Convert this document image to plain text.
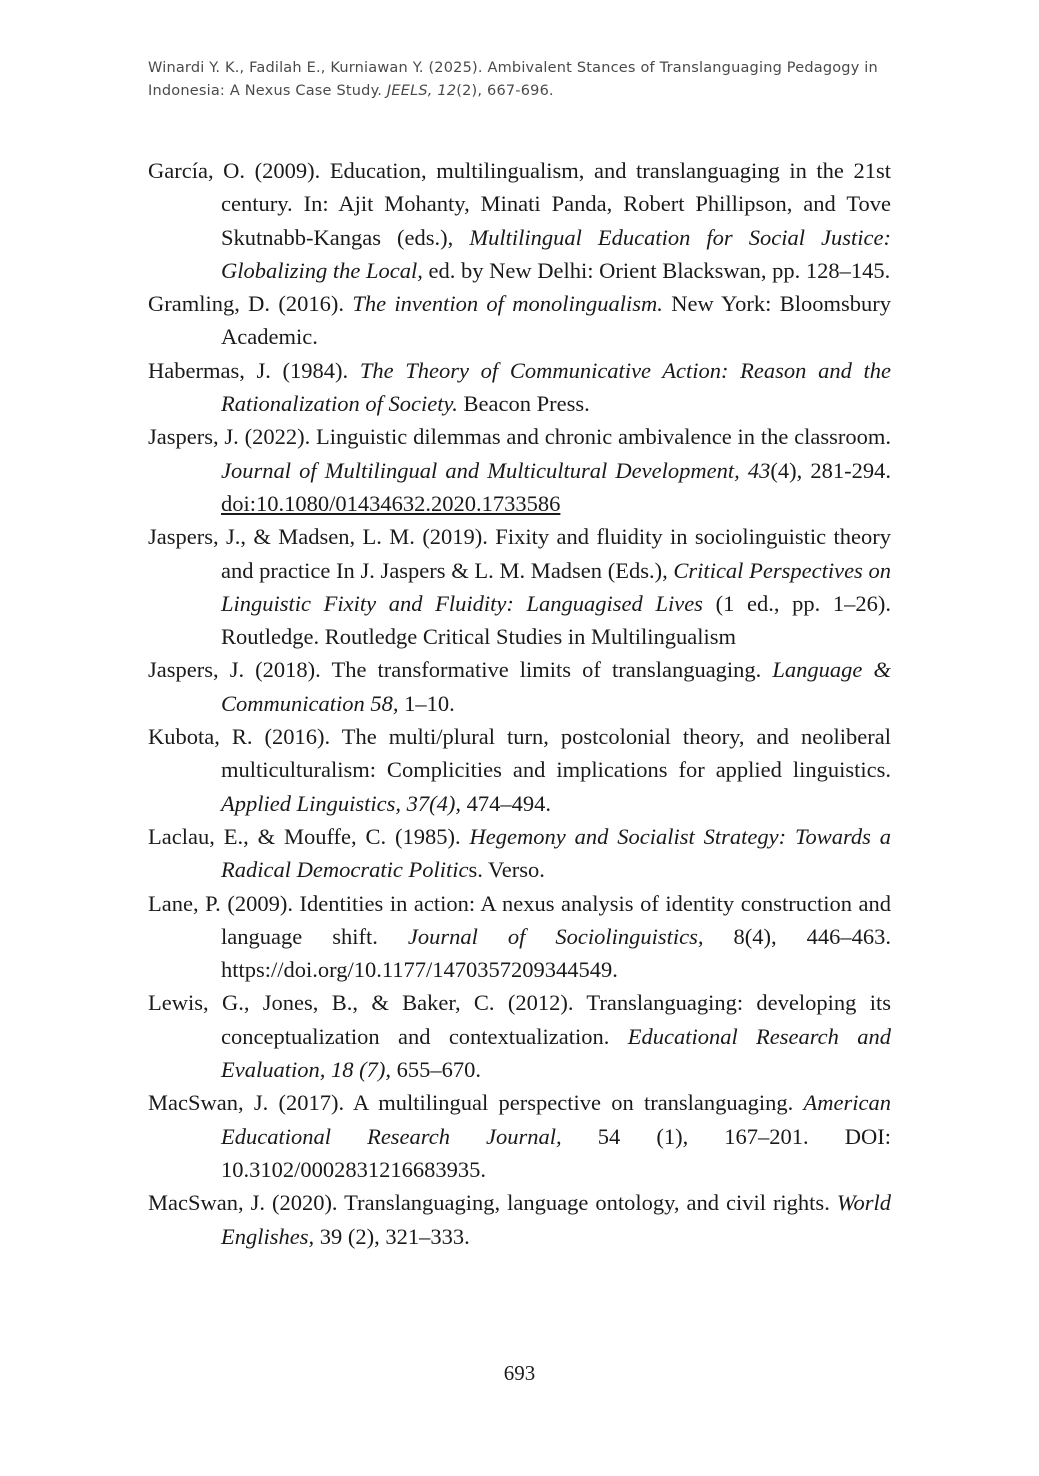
Winardi Y. K., Fadilah E., Kurniawan Y. (2025). Ambivalent Stances of Translanguaging Pedagogy in Indonesia: A Nexus Case Study. JEELS, 12(2), 667-696.

García, O. (2009). Education, multilingualism, and translanguaging in the 21st century. In: Ajit Mohanty, Minati Panda, Robert Phillipson, and Tove Skutnabb-Kangas (eds.), Multilingual Education for Social Justice: Globalizing the Local, ed. by New Delhi: Orient Blackswan, pp. 128–145.

Gramling, D. (2016). The invention of monolingualism. New York: Bloomsbury Academic.

Habermas, J. (1984). The Theory of Communicative Action: Reason and the Rationalization of Society. Beacon Press.

Jaspers, J. (2022). Linguistic dilemmas and chronic ambivalence in the classroom. Journal of Multilingual and Multicultural Development, 43(4), 281-294. doi:10.1080/01434632.2020.1733586

Jaspers, J., & Madsen, L. M. (2019). Fixity and fluidity in sociolinguistic theory and practice In J. Jaspers & L. M. Madsen (Eds.), Critical Perspectives on Linguistic Fixity and Fluidity: Languagised Lives (1 ed., pp. 1–26). Routledge. Routledge Critical Studies in Multilingualism

Jaspers, J. (2018). The transformative limits of translanguaging. Language & Communication 58, 1–10.

Kubota, R. (2016). The multi/plural turn, postcolonial theory, and neoliberal multiculturalism: Complicities and implications for applied linguistics. Applied Linguistics, 37(4), 474–494.

Laclau, E., & Mouffe, C. (1985). Hegemony and Socialist Strategy: Towards a Radical Democratic Politics. Verso.

Lane, P. (2009). Identities in action: A nexus analysis of identity construction and language shift. Journal of Sociolinguistics, 8(4), 446–463. https://doi.org/10.1177/1470357209344549.

Lewis, G., Jones, B., & Baker, C. (2012). Translanguaging: developing its conceptualization and contextualization. Educational Research and Evaluation, 18 (7), 655–670.

MacSwan, J. (2017). A multilingual perspective on translanguaging. American Educational Research Journal, 54 (1), 167–201. DOI: 10.3102/0002831216683935.

MacSwan, J. (2020). Translanguaging, language ontology, and civil rights. World Englishes, 39 (2), 321–333.

693
